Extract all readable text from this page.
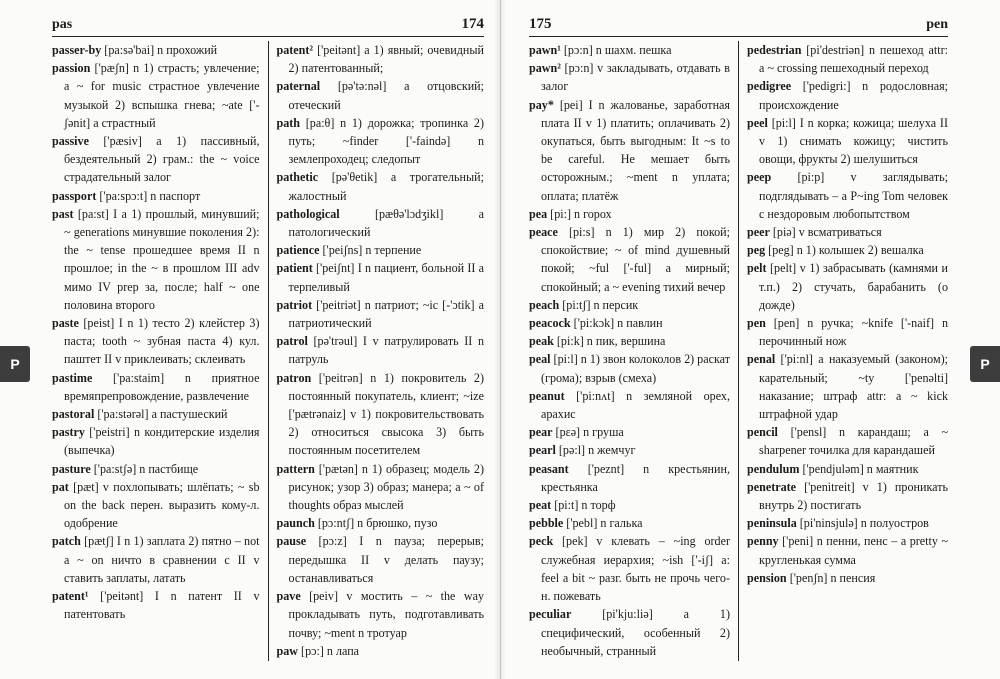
pas	174

passer-by [pa:sə'bai] n прохожий

passion ['pæʃn] n 1) страсть; увлечение; a ~ for music страстное увлечение музыкой 2) вспышка гнева; ~ate ['-ʃənit] a страстный

passive ['pæsiv] a 1) пассивный, бездеятельный 2) грам.: the ~ voice страдательный залог

passport ['pa:spɔ:t] n паспорт

past [pa:st] I a 1) прошлый, минувший; ~ generations минувшие поколения 2): the ~ tense прошедшее время II n прошлое; in the ~ в прошлом III adv мимо IV prep за, после; half ~ one половина второго

paste [peist] I n 1) тесто 2) клейстер 3) паста; tooth ~ зубная паста 4) кул. паштет II v приклеивать; склеивать

pastime ['pa:staim] n приятное времяпрепровождение, развлечение

pastoral ['pa:stərəl] a пастушеский

pastry ['peistri] n кондитерские изделия (выпечка)

pasture ['pa:stʃə] n пастбище

pat [pæt] v похлопывать; шлёпать; ~ sb on the back перен. выразить кому-л. одобрение

patch [pætʃ] I n 1) заплата 2) пятно – not a ~ on ничто в сравнении с II v ставить заплаты, латать

patent¹ ['peitənt] I n патент II v патентовать

patent² ['peitənt] a 1) явный; очевидный 2) патентованный;

paternal [pə'tə:nəl] a отцовский; отеческий

path [pa:θ] n 1) дорожка; тропинка 2) путь; ~finder ['-faində] n землепроходец; следопыт

pathetic [pə'θetik] a трогательный; жалостный

pathological [pæθə'lɔdʒikl] a патологический

patience ['peiʃns] n терпение

patient ['peiʃnt] I n пациент, больной II a терпеливый

patriot ['peitriət] n патриот; ~ic [-'ɔtik] a патриотический

patrol [pə'trəul] I v патрулировать II n патруль

patron ['peitrən] n 1) покровитель 2) постоянный покупатель, клиент; ~ize ['pætrənaiz] v 1) покровительствовать 2) относиться свысока 3) быть постоянным посетителем

pattern ['pætən] n 1) образец; модель 2) рисунок; узор 3) образ; манера; a ~ of thoughts образ мыслей

paunch [pɔ:ntʃ] n брюшко, пузо

pause [pɔ:z] I n паузa; перерыв; передышка II v делать паузу; останавливаться

pave [peiv] v мостить – ~ the way прокладывать путь, подготавливать почву; ~ment n тротуар

paw [pɔ:] n лапа

175	pen

pawn¹ [pɔ:n] n шахм. пешка

pawn² [pɔ:n] v закладывать, отдавать в залог

pay* [pei] I n жалованье, заработная плата II v 1) платить; оплачивать 2) окупаться, быть выгодным: It ~s to be careful. Не мешает быть осторожным.; ~ment n уплата; оплата; платёж

pea [pi:] n горох

peace [pi:s] n 1) мир 2) покой; спокойствие; ~ of mind душевный покой; ~ful ['-ful] a мирный; спокойный; a ~ evening тихий вечер

peach [pi:tʃ] n персик

peacock ['pi:kɔk] n павлин

peak [pi:k] n пик, вершина

peal [pi:l] n 1) звон колоколов 2) раскат (грома); взрыв (смеха)

peanut ['pi:nʌt] n земляной орех, арахис

pear [pɛə] n груша

pearl [pə:l] n жемчуг

peasant ['peznt] n крестьянин, крестьянка

peat [pi:t] n торф

pebble ['pebl] n галька

peck [pek] v клевать – ~ing order служебная иерархия; ~ish ['-iʃ] a: feel a bit ~ разг. быть не прочь чего-н. пожевать

peculiar [pi'kju:liə] a 1) специфический, особенный 2) необычный, странный

pedestrian [pi'destriən] n пешеход attr: a ~ crossing пешеходный переход

pedigree ['pedigri:] n родословная; происхождение

peel [pi:l] I n корка; кожица; шелуха II v 1) снимать кожицу; чистить овощи, фрукты 2) шелушиться

peep [pi:p] v заглядывать; подглядывать – a P~ing Tom человек с нездоровым любопытством

peer [piə] v всматриваться

peg [peg] n 1) колышек 2) вешалка

pelt [pelt] v 1) забрасывать (камнями и т.п.) 2) стучать, барабанить (о дожде)

pen [pen] n ручка; ~knife ['-naif] n перочинный нож

penal ['pi:nl] a наказуемый (законом); карательный; ~ty ['penəlti] наказание; штраф attr: a ~ kick штрафной удар

pencil ['pensl] n карандаш; a ~ sharpener точилка для карандашей

pendulum ['pendjuləm] n маятник

penetrate ['penitreit] v 1) проникать внутрь 2) постигать

peninsula [pi'ninsjulə] n полуостров

penny ['peni] n пенни, пенс – a pretty ~ кругленькая сумма

pension ['penʃn] n пенсия

P	P
